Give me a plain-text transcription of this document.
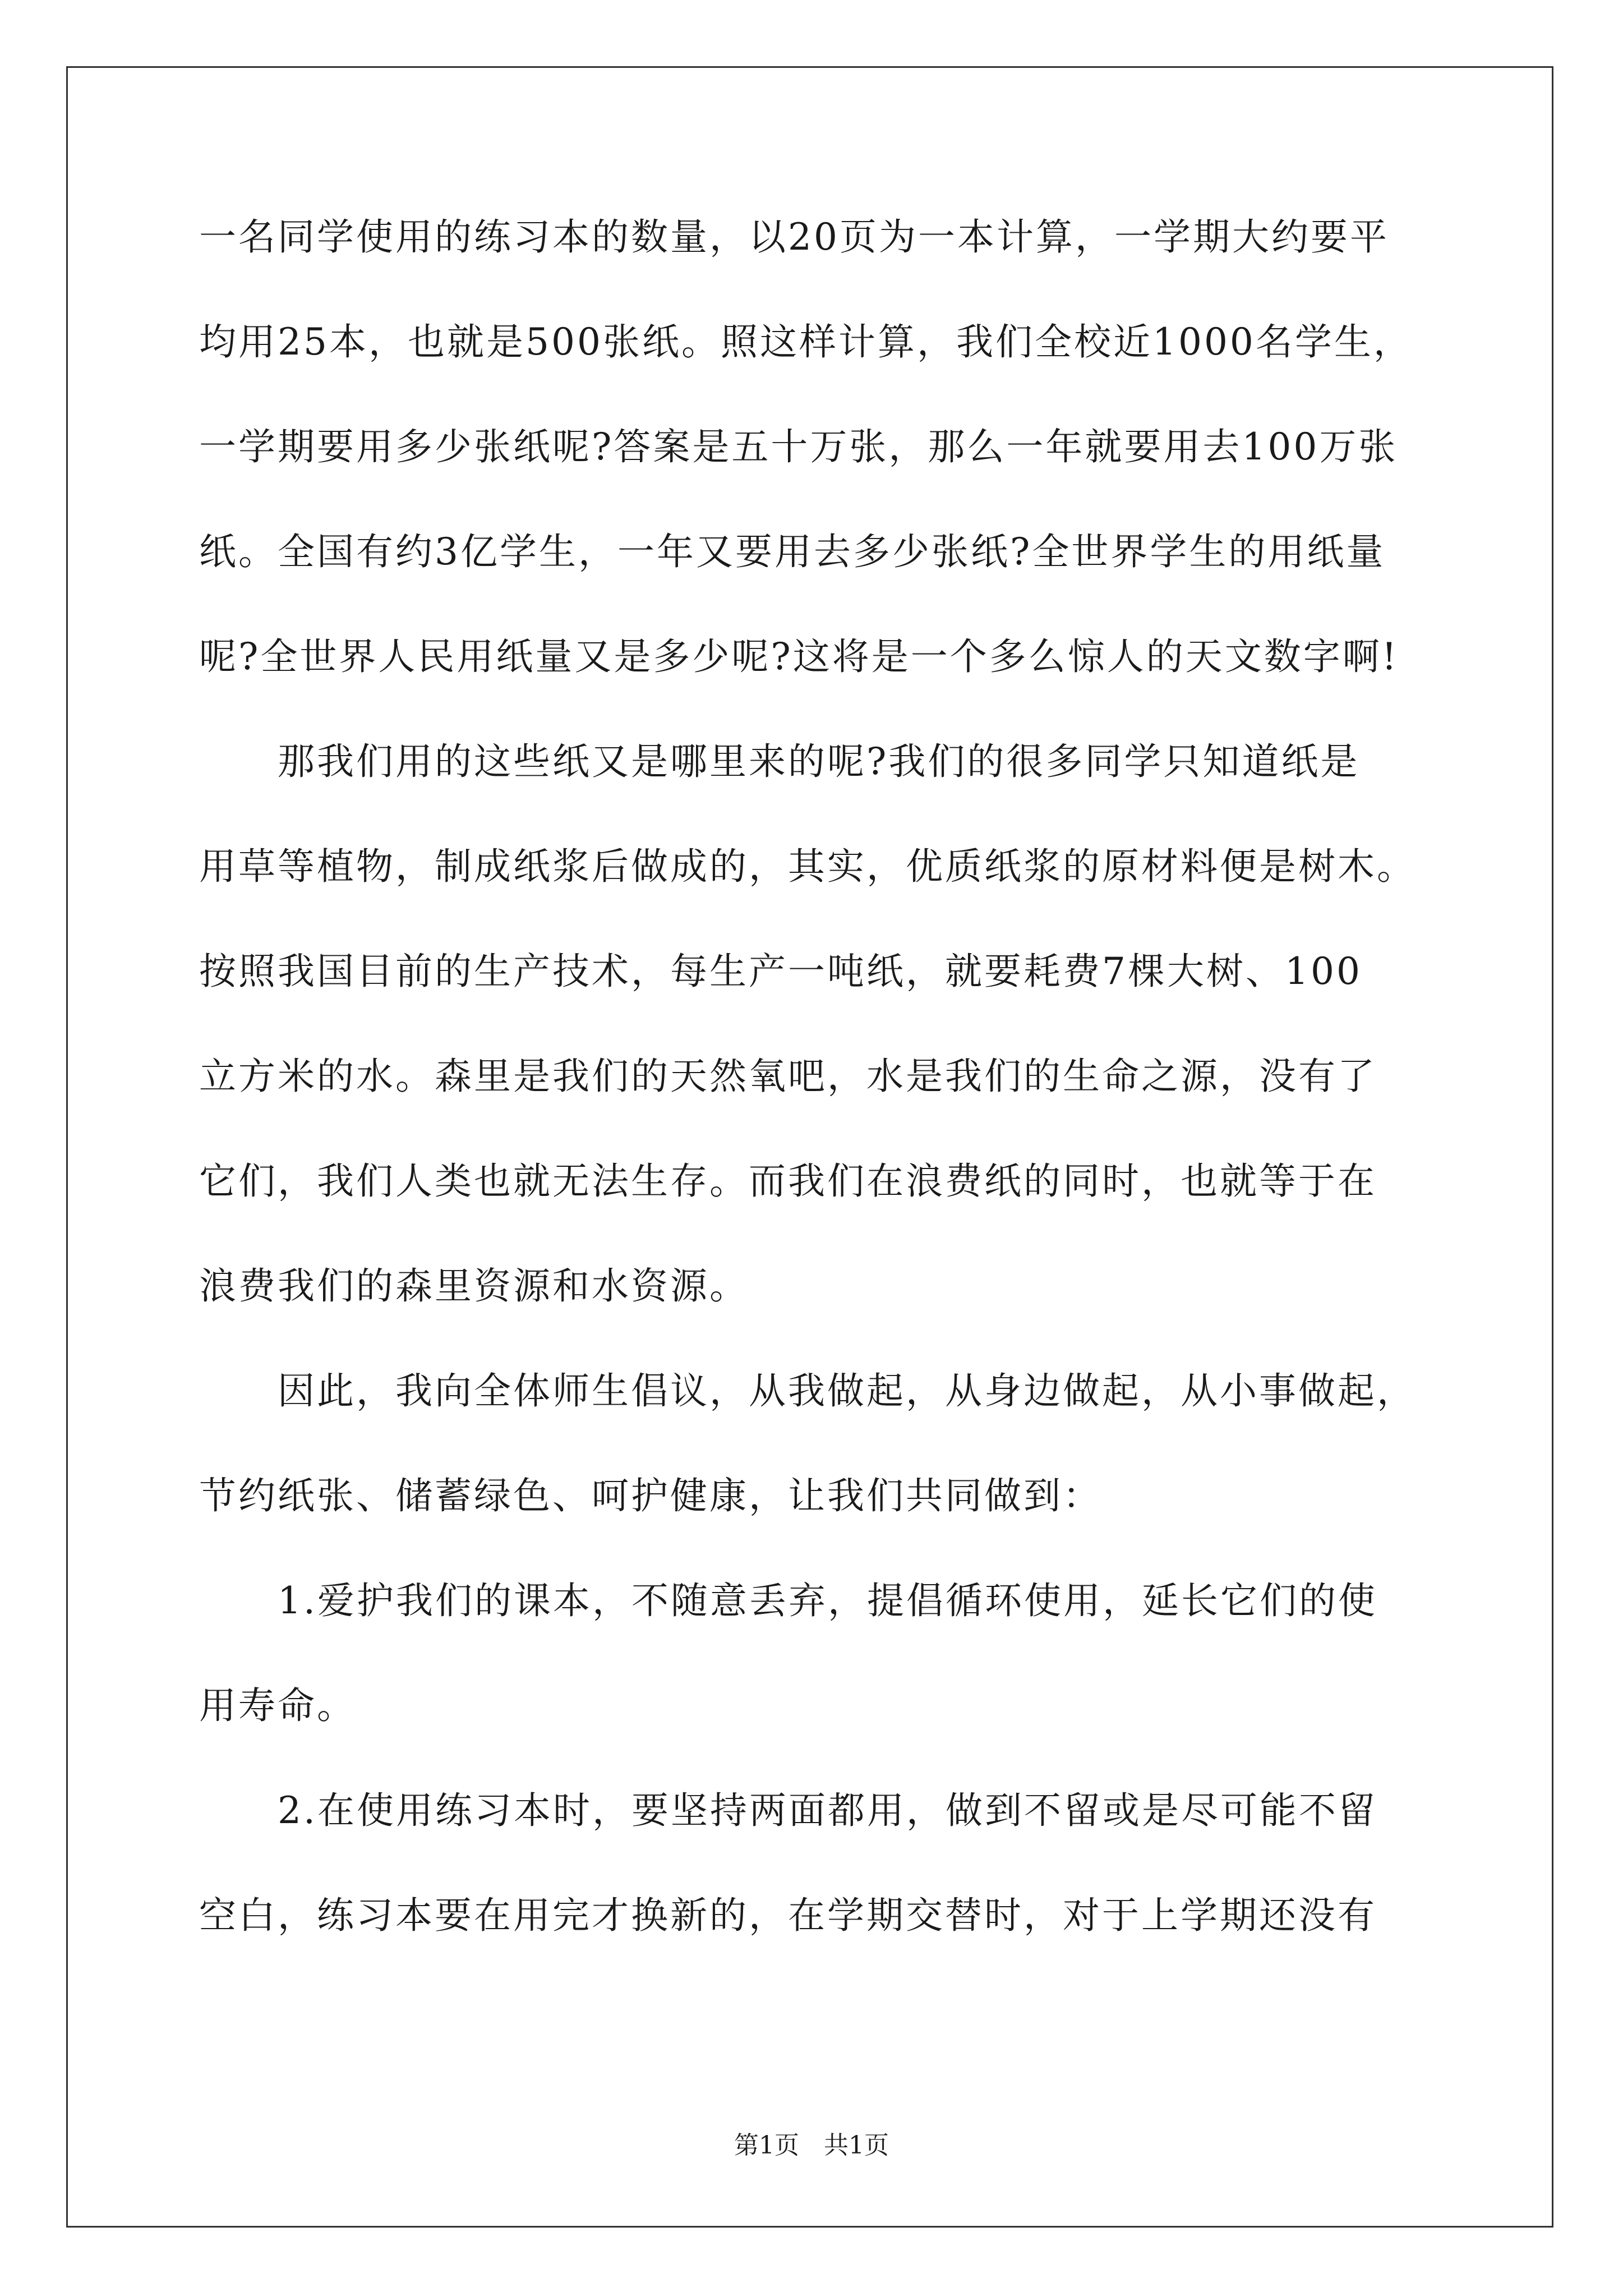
一名同学使用的练习本的数量，以20页为一本计算，一学期大约要平
均用25本，也就是500张纸。照这样计算，我们全校近1000名学生，
一学期要用多少张纸呢?答案是五十万张，那么一年就要用去100万张
纸。全国有约3亿学生，一年又要用去多少张纸?全世界学生的用纸量
呢?全世界人民用纸量又是多少呢?这将是一个多么惊人的天文数字啊!
　　那我们用的这些纸又是哪里来的呢?我们的很多同学只知道纸是
用草等植物，制成纸浆后做成的，其实，优质纸浆的原材料便是树木。
按照我国目前的生产技术，每生产一吨纸，就要耗费7棵大树、100
立方米的水。森里是我们的天然氧吧，水是我们的生命之源，没有了
它们，我们人类也就无法生存。而我们在浪费纸的同时，也就等于在
浪费我们的森里资源和水资源。
　　因此，我向全体师生倡议，从我做起，从身边做起，从小事做起，
节约纸张、储蓄绿色、呵护健康，让我们共同做到：
　　1.爱护我们的课本，不随意丢弃，提倡循环使用，延长它们的使
用寿命。
　　2.在使用练习本时，要坚持两面都用，做到不留或是尽可能不留
空白，练习本要在用完才换新的，在学期交替时，对于上学期还没有
第1页　共1页
